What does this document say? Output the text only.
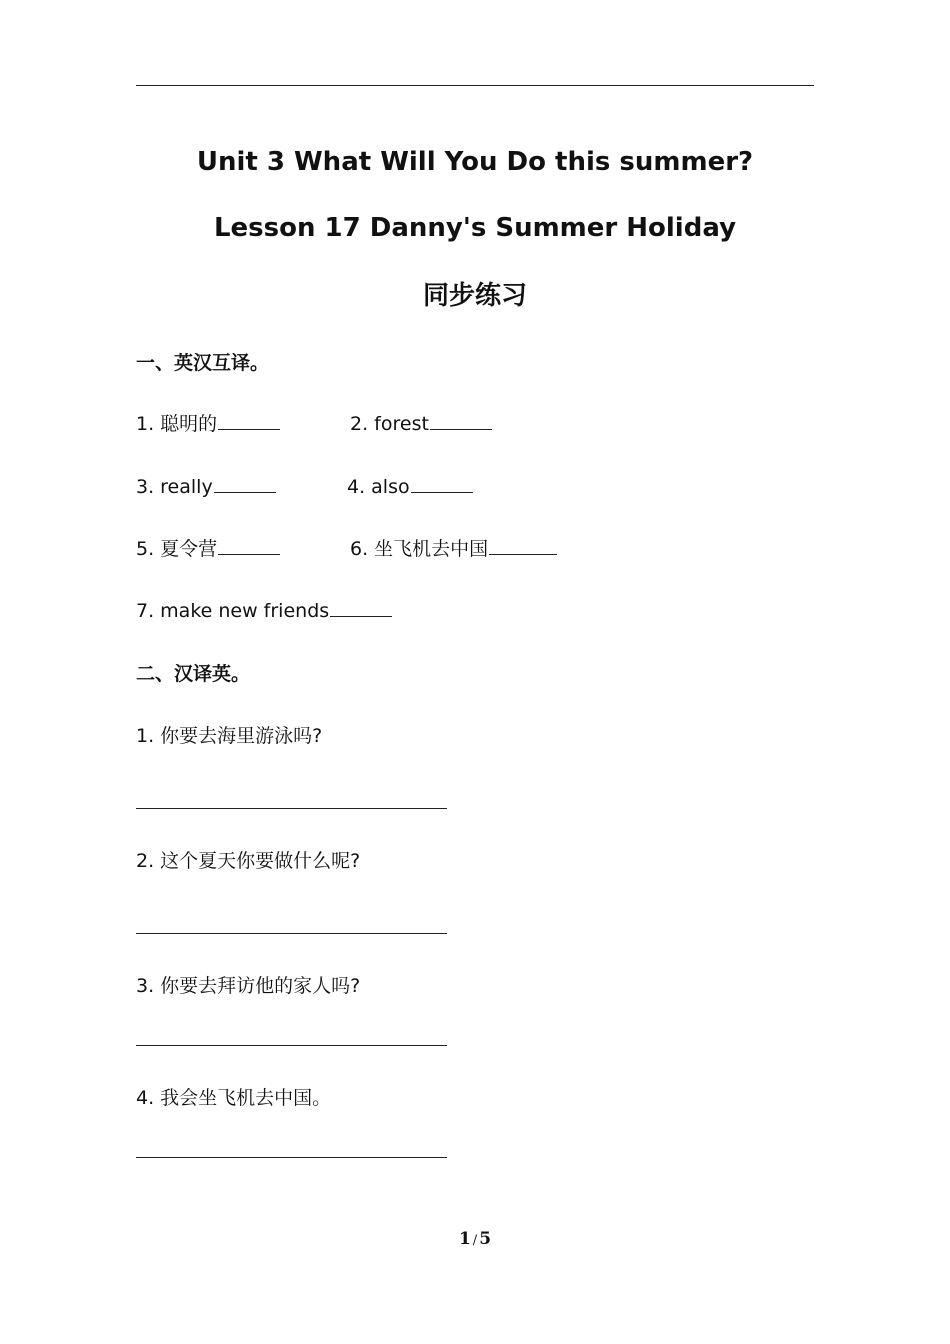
Unit 3 What Will You Do this summer?
Lesson 17 Danny's Summer Holiday
同步练习
一、英汉互译。
1. 聪明的	2. forest
3. really	4. also
5. 夏令营	6. 坐飞机去中国
7. make new friends
二、汉译英。
1. 你要去海里游泳吗?
2. 这个夏天你要做什么呢?
3. 你要去拜访他的家人吗?
4. 我会坐飞机去中国。
1 / 5
